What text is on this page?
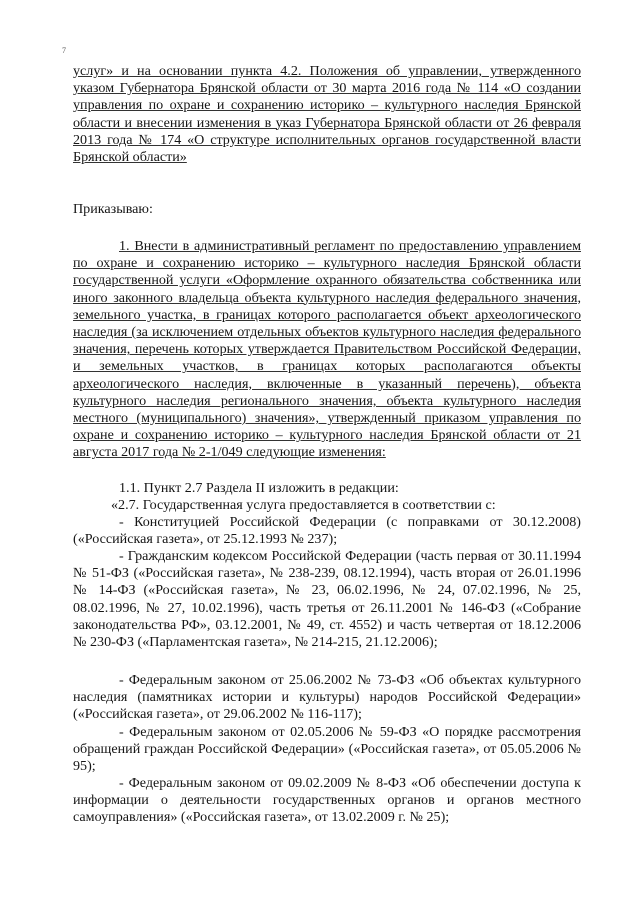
7

услуг» и на основании пункта 4.2. Положения об управлении, утвержденного указом Губернатора Брянской области от 30 марта 2016 года № 114 «О создании управления по охране и сохранению историко – культурного наследия Брянской области и внесении изменения в указ Губернатора Брянской области от 26 февраля 2013 года № 174 «О структуре исполнительных органов государственной власти Брянской области»

Приказываю:

1. Внести в административный регламент по предоставлению управлением по охране и сохранению историко – культурного наследия Брянской области государственной услуги «Оформление охранного обязательства собственника или иного законного владельца объекта культурного наследия федерального значения, земельного участка, в границах которого располагается объект археологического наследия (за исключением отдельных объектов культурного наследия федерального значения, перечень которых утверждается Правительством Российской Федерации, и земельных участков, в границах которых располагаются объекты археологического наследия, включенные в указанный перечень), объекта культурного наследия регионального значения, объекта культурного наследия местного (муниципального) значения», утвержденный приказом управления по охране и сохранению историко – культурного наследия Брянской области от 21 августа 2017 года № 2-1/049 следующие изменения:

1.1. Пункт 2.7 Раздела II изложить в редакции:

«2.7. Государственная услуга предоставляется в соответствии с:

- Конституцией Российской Федерации (с поправками от 30.12.2008) («Российская газета», от 25.12.1993 № 237);

- Гражданским кодексом Российской Федерации (часть первая от 30.11.1994 № 51-ФЗ («Российская газета», № 238-239, 08.12.1994), часть вторая от 26.01.1996 № 14-ФЗ («Российская газета», № 23, 06.02.1996, № 24, 07.02.1996, № 25, 08.02.1996, № 27, 10.02.1996), часть третья от 26.11.2001 № 146-ФЗ («Собрание законодательства РФ», 03.12.2001, № 49, ст. 4552) и часть четвертая от 18.12.2006 № 230-ФЗ («Парламентская газета», № 214-215, 21.12.2006);

- Федеральным законом от 25.06.2002 № 73-ФЗ «Об объектах культурного наследия (памятниках истории и культуры) народов Российской Федерации» («Российская газета», от 29.06.2002 № 116-117);

- Федеральным законом от 02.05.2006 № 59-ФЗ «О порядке рассмотрения обращений граждан Российской Федерации» («Российская газета», от 05.05.2006 № 95);

- Федеральным законом от 09.02.2009 № 8-ФЗ «Об обеспечении доступа к информации о деятельности государственных органов и органов местного самоуправления» («Российская газета», от 13.02.2009 г. № 25);
